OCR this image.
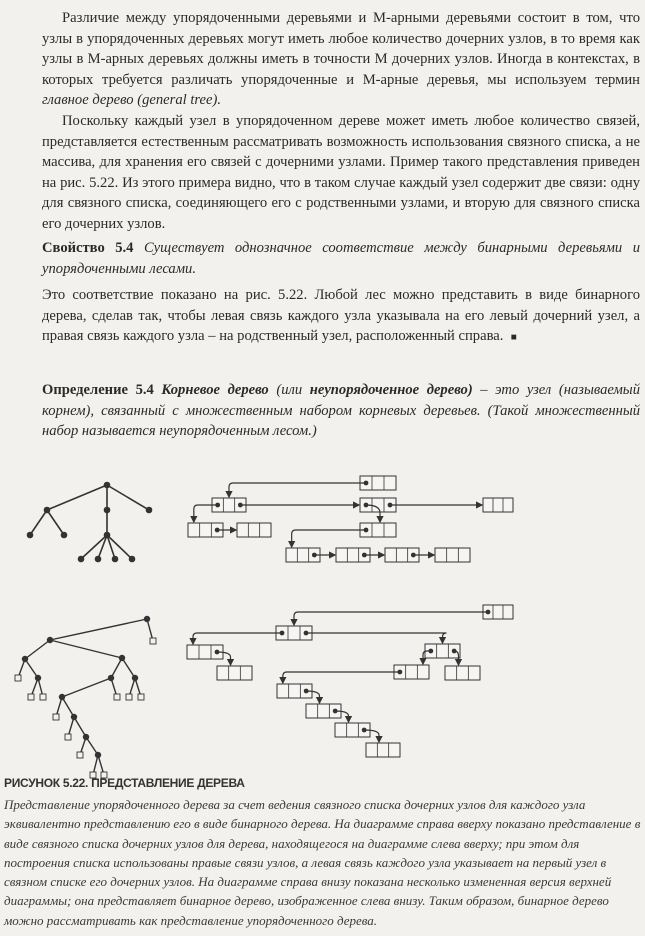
Различие между упорядоченными деревьями и M-арными деревьями состоит в том, что узлы в упорядоченных деревьях могут иметь любое количество дочерних узлов, в то время как узлы в M-арных деревьях должны иметь в точности M дочерних узлов. Иногда в контекстах, в которых требуется различать упорядоченные и M-арные деревья, мы используем термин главное дерево (general tree).

Поскольку каждый узел в упорядоченном дереве может иметь любое количество связей, представляется естественным рассматривать возможность использования связного списка, а не массива, для хранения его связей с дочерними узлами. Пример такого представления приведен на рис. 5.22. Из этого примера видно, что в таком случае каждый узел содержит две связи: одну для связного списка, соединяющего его с родственными узлами, и вторую для связного списка его дочерних узлов.

Свойство 5.4 Существует однозначное соответствие между бинарными деревьями и упорядоченными лесами.

Это соответствие показано на рис. 5.22. Любой лес можно представить в виде бинарного дерева, сделав так, чтобы левая связь каждого узла указывала на его левый дочерний узел, а правая связь каждого узла – на родственный узел, расположенный справа. ■

Определение 5.4 Корневое дерево (или неупорядоченное дерево) – это узел (называемый корнем), связанный с множественным набором корневых деревьев. (Такой множественный набор называется неупорядоченным лесом.)

РИСУНОК 5.22. ПРЕДСТАВЛЕНИЕ ДЕРЕВА

Представление упорядоченного дерева за счет ведения связного списка дочерних узлов для каждого узла эквивалентно представлению его в виде бинарного дерева. На диаграмме справа вверху показано представление в виде связного списка дочерних узлов для дерева, находящегося на диаграмме слева вверху; при этом для построения списка использованы правые связи узлов, а левая связь каждого узла указывает на первый узел в связном списке его дочерних узлов. На диаграмме справа внизу показана несколько измененная версия верхней диаграммы; она представляет бинарное дерево, изображенное слева внизу. Таким образом, бинарное дерево можно рассматривать как представление упорядоченного дерева.
